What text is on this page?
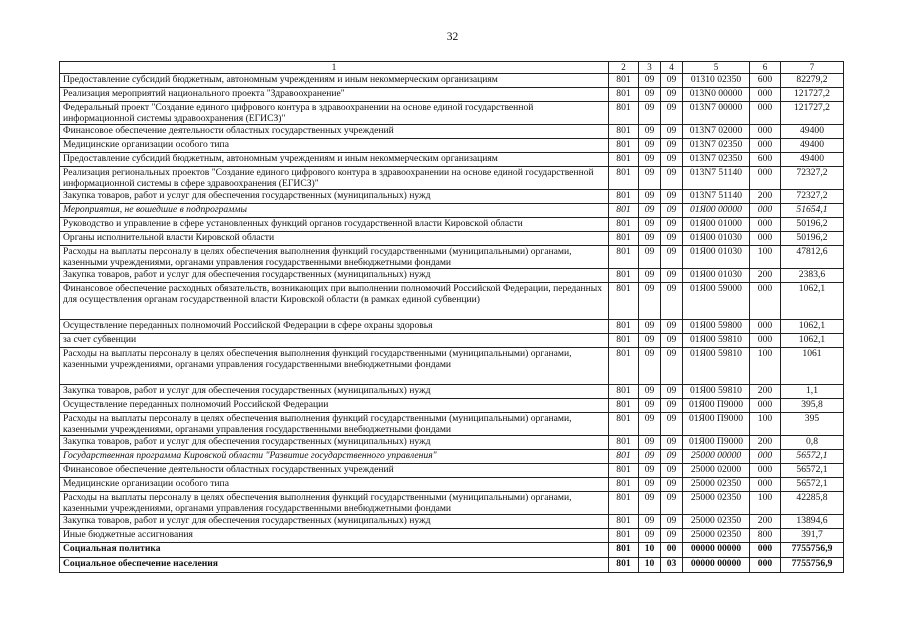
32
1	2	3	4	5	6	7
Предоставление субсидий бюджетным, автономным учреждениям и иным некоммерческим организациям	801	09	09	01310 02350	600	82279,2
Реализация мероприятий национального проекта "Здравоохранение"	801	09	09	013N0 00000	000	121727,2
Федеральный проект "Создание единого цифрового контура в здравоохранении на основе единой государственной информационной системы здравоохранения (ЕГИСЗ)"	801	09	09	013N7 00000	000	121727,2
Финансовое обеспечение деятельности областных государственных учреждений	801	09	09	013N7 02000	000	49400
Медицинские организации особого типа	801	09	09	013N7 02350	000	49400
Предоставление субсидий бюджетным, автономным учреждениям и иным некоммерческим организациям	801	09	09	013N7 02350	600	49400
Реализация региональных проектов "Создание единого цифрового контура в здравоохранении на основе единой государственной информационной системы в сфере здравоохранения (ЕГИСЗ)"	801	09	09	013N7 51140	000	72327,2
Закупка товаров, работ и услуг для обеспечения государственных (муниципальных) нужд	801	09	09	013N7 51140	200	72327,2
Мероприятия, не вошедшие в подпрограммы	801	09	09	01Я00 00000	000	51654,1
Руководство и управление в сфере установленных функций органов государственной власти Кировской области	801	09	09	01Я00 01000	000	50196,2
Органы исполнительной власти Кировской области	801	09	09	01Я00 01030	000	50196,2
Расходы на выплаты персоналу в целях обеспечения выполнения функций государственными (муниципальными) органами, казенными учреждениями, органами управления государственными внебюджетными фондами	801	09	09	01Я00 01030	100	47812,6
Закупка товаров, работ и услуг для обеспечения государственных (муниципальных) нужд	801	09	09	01Я00 01030	200	2383,6
Финансовое обеспечение расходных обязательств, возникающих при выполнении полномочий Российской Федерации, переданных для осуществления органам государственной власти Кировской области (в рамках единой субвенции)	801	09	09	01Я00 59000	000	1062,1
Осуществление переданных полномочий Российской Федерации в сфере охраны здоровья	801	09	09	01Я00 59800	000	1062,1
за счет субвенции	801	09	09	01Я00 59810	000	1062,1
Расходы на выплаты персоналу в целях обеспечения выполнения функций государственными (муниципальными) органами, казенными учреждениями, органами управления государственными внебюджетными фондами	801	09	09	01Я00 59810	100	1061
Закупка товаров, работ и услуг для обеспечения государственных (муниципальных) нужд	801	09	09	01Я00 59810	200	1,1
Осуществление переданных полномочий Российской Федерации	801	09	09	01Я00 П9000	000	395,8
Расходы на выплаты персоналу в целях обеспечения выполнения функций государственными (муниципальными) органами, казенными учреждениями, органами управления государственными внебюджетными фондами	801	09	09	01Я00 П9000	100	395
Закупка товаров, работ и услуг для обеспечения государственных (муниципальных) нужд	801	09	09	01Я00 П9000	200	0,8
Государственная программа Кировской области "Развитие государственного управления"	801	09	09	25000 00000	000	56572,1
Финансовое обеспечение деятельности областных государственных учреждений	801	09	09	25000 02000	000	56572,1
Медицинские организации особого типа	801	09	09	25000 02350	000	56572,1
Расходы на выплаты персоналу в целях обеспечения выполнения функций государственными (муниципальными) органами, казенными учреждениями, органами управления государственными внебюджетными фондами	801	09	09	25000 02350	100	42285,8
Закупка товаров, работ и услуг для обеспечения государственных (муниципальных) нужд	801	09	09	25000 02350	200	13894,6
Иные бюджетные ассигнования	801	09	09	25000 02350	800	391,7
Социальная политика	801	10	00	00000 00000	000	7755756,9
Социальное обеспечение населения	801	10	03	00000 00000	000	7755756,9
